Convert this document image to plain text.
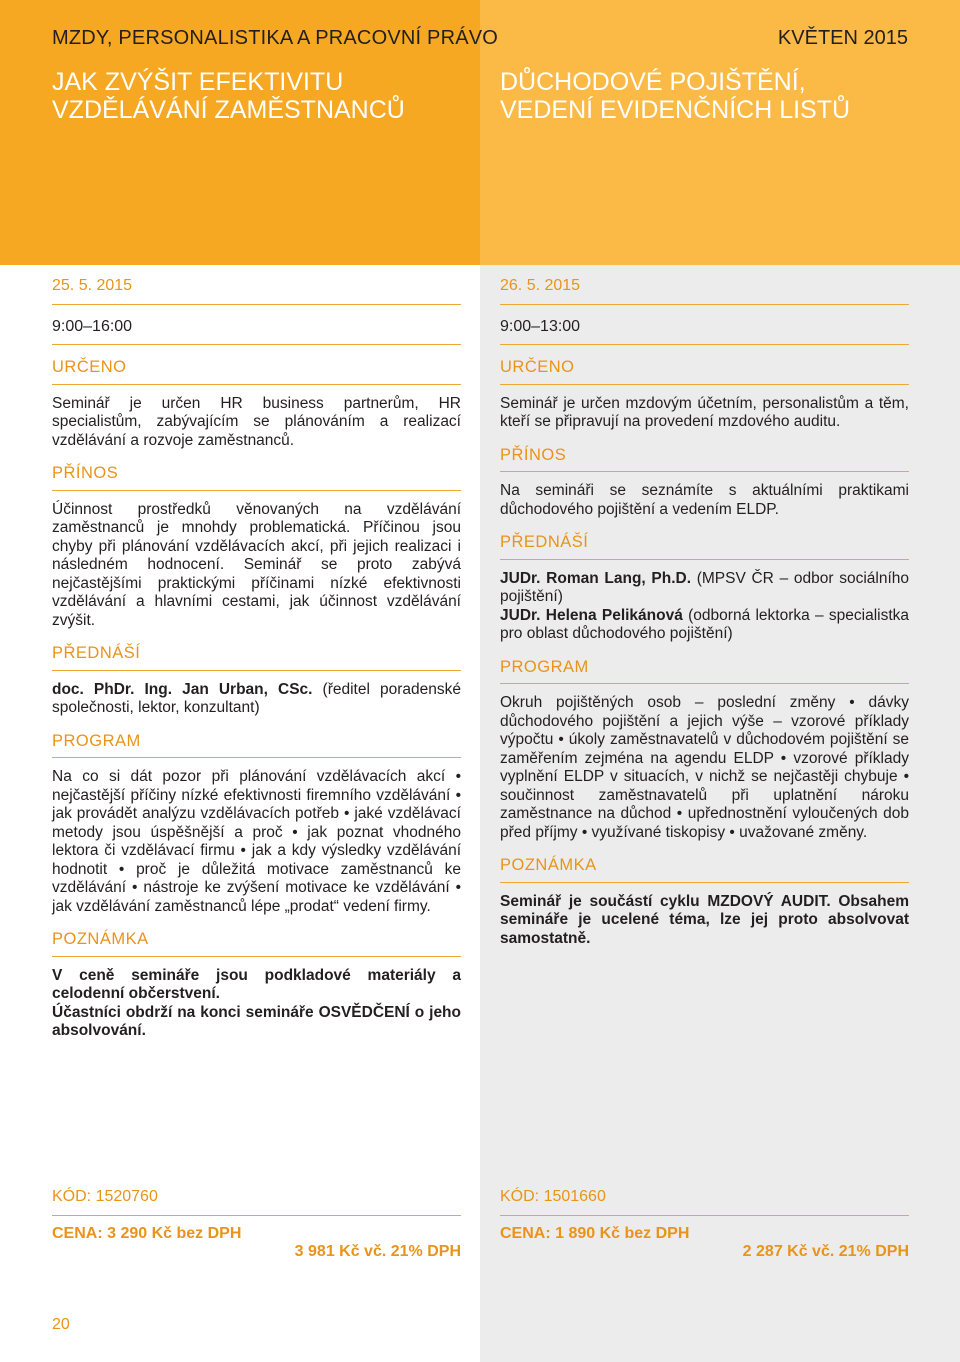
MZDY, PERSONALISTIKA A PRACOVNÍ PRÁVO	KVĚTEN 2015
JAK ZVÝŠIT EFEKTIVITU
VZDĚLÁVÁNÍ ZAMĚSTNANCŮ
DŮCHODOVÉ POJIŠTĚNÍ,
VEDENÍ EVIDENČNÍCH LISTŮ
25. 5. 2015
9:00–16:00
URČENO

Seminář je určen HR business partnerům, HR specialistům, zabývajícím se plánováním a realizací vzdělávání a rozvoje zaměstnanců.

PŘÍNOS

Účinnost prostředků věnovaných na vzdělávání zaměstnanců je mnohdy problematická. Příčinou jsou chyby při plánování vzdělávacích akcí, při jejich realizaci i následném hodnocení. Seminář se proto zabývá nejčastějšími praktickými příčinami nízké efektivnosti vzdělávání a hlavními cestami, jak účinnost vzdělávání zvýšit.

PŘEDNÁŠÍ

doc. PhDr. Ing. Jan Urban, CSc. (ředitel poradenské společnosti, lektor, konzultant)

PROGRAM

Na co si dát pozor při plánování vzdělávacích akcí • nejčastější příčiny nízké efektivnosti firemního vzdělávání • jak provádět analýzu vzdělávacích potřeb • jaké vzdělávací metody jsou úspěšnější a proč • jak poznat vhodného lektora či vzdělávací firmu • jak a kdy výsledky vzdělávání hodnotit • proč je důležitá motivace zaměstnanců ke vzdělávání • nástroje ke zvýšení motivace ke vzdělávání • jak vzdělávání zaměstnanců lépe „prodat“ vedení firmy.

POZNÁMKA

V ceně semináře jsou podkladové materiály a celodenní občerstvení.

Účastníci obdrží na konci semináře OSVĚDČENÍ o jeho absolvování.

26. 5. 2015
9:00–13:00
URČENO

Seminář je určen mzdovým účetním, personalistům a těm, kteří se připravují na provedení mzdového auditu.

PŘÍNOS

Na semináři se seznámíte s aktuálními praktikami důchodového pojištění a vedením ELDP.

PŘEDNÁŠÍ

JUDr. Roman Lang, Ph.D. (MPSV ČR – odbor sociálního pojištění)

JUDr. Helena Pelikánová (odborná lektorka – specialistka pro oblast důchodového pojištění)

PROGRAM

Okruh pojištěných osob – poslední změny • dávky důchodového pojištění a jejich výše – vzorové příklady výpočtu • úkoly zaměstnavatelů v důchodovém pojištění se zaměřením zejména na agendu ELDP • vzorové příklady vyplnění ELDP v situacích, v nichž se nejčastěji chybuje • součinnost zaměstnavatelů při uplatnění nároku zaměstnance na důchod • upřednostnění vyloučených dob před příjmy • využívané tiskopisy • uvažované změny.

POZNÁMKA

Seminář je součástí cyklu MZDOVÝ AUDIT. Obsahem semináře je ucelené téma, lze jej proto absolvovat samostatně.

KÓD: 1520760
CENA: 3 290 Kč bez DPH
3 981 Kč vč. 21% DPH
KÓD: 1501660
CENA: 1 890 Kč bez DPH
2 287 Kč vč. 21% DPH
20
